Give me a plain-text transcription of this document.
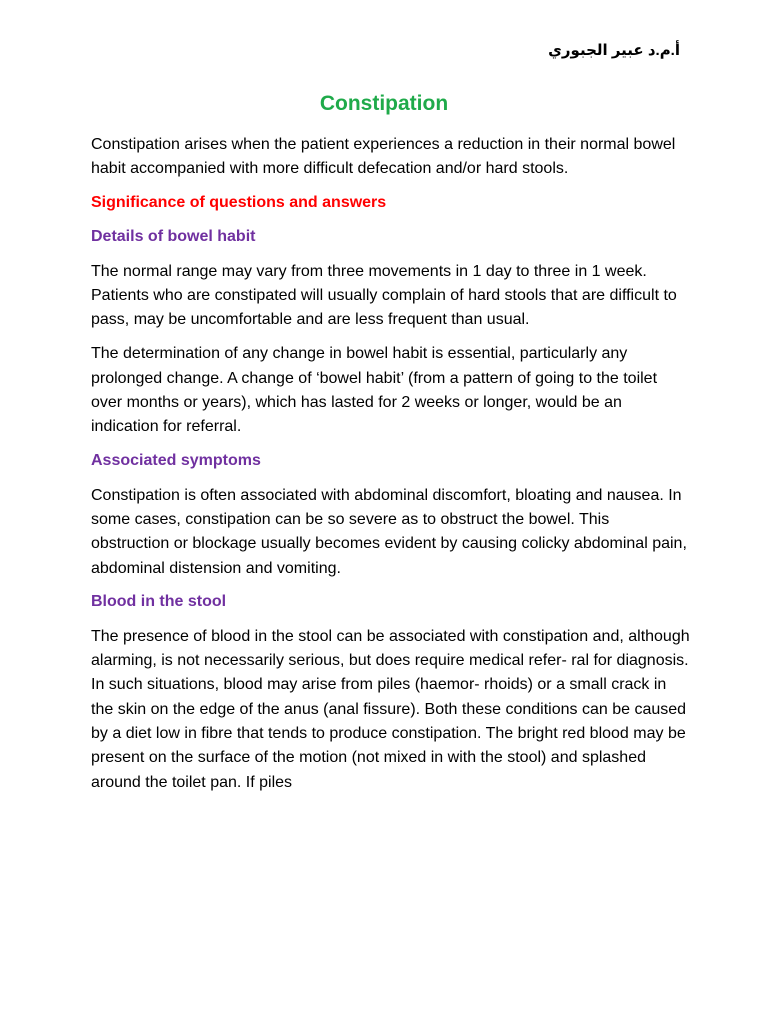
أ.م.د عبير الجبوري
Constipation

Constipation arises when the patient experiences a reduction in their normal bowel habit accompanied with more difficult defecation and/or hard stools.

Significance of questions and answers
Details of bowel habit

The normal range may vary from three movements in 1 day to three in 1 week. Patients who are constipated will usually complain of hard stools that are difficult to pass, may be uncomfortable and are less frequent than usual.

The determination of any change in bowel habit is essential, particularly any prolonged change. A change of ‘bowel habit’ (from a pattern of going to the toilet over months or years), which has lasted for 2 weeks or longer, would be an indication for referral.

Associated symptoms

Constipation is often associated with abdominal discomfort, bloating and nausea. In some cases, constipation can be so severe as to obstruct the bowel. This obstruction or blockage usually becomes evident by causing colicky abdominal pain, abdominal distension and vomiting.

Blood in the stool

The presence of blood in the stool can be associated with constipation and, although alarming, is not necessarily serious, but does require medical refer- ral for diagnosis. In such situations, blood may arise from piles (haemor- rhoids) or a small crack in the skin on the edge of the anus (anal fissure). Both these conditions can be caused by a diet low in fibre that tends to produce constipation. The bright red blood may be present on the surface of the motion (not mixed in with the stool) and splashed around the toilet pan. If piles
